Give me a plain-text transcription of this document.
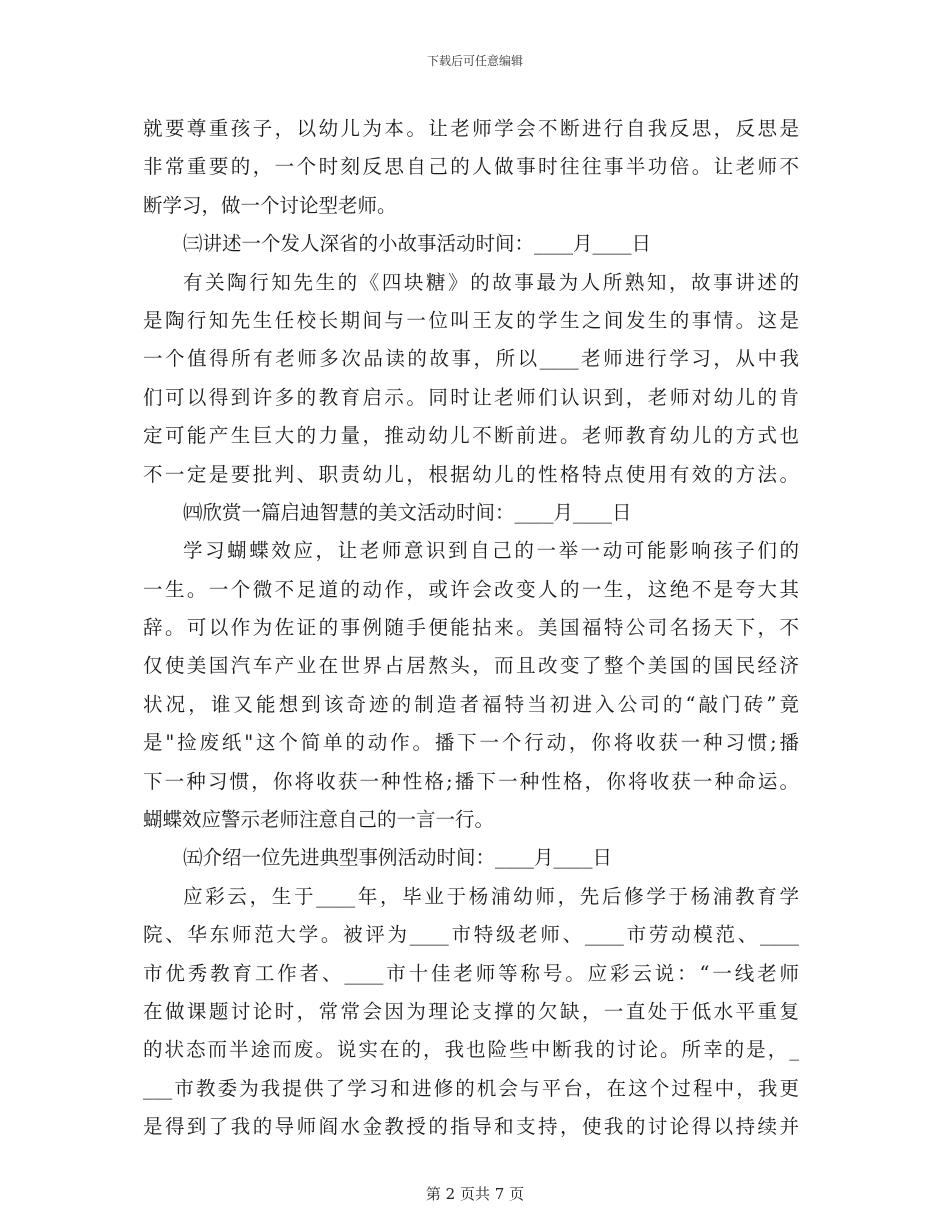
下载后可任意编辑
就要尊重孩子，以幼儿为本。让老师学会不断进行自我反思，反思是
非常重要的，一个时刻反思自己的人做事时往往事半功倍。让老师不
断学习，做一个讨论型老师。
㈢讲述一个发人深省的小故事活动时间：____月____日
有关陶行知先生的《四块糖》的故事最为人所熟知，故事讲述的
是陶行知先生任校长期间与一位叫王友的学生之间发生的事情。这是
一个值得所有老师多次品读的故事，所以____老师进行学习，从中我
们可以得到许多的教育启示。同时让老师们认识到，老师对幼儿的肯
定可能产生巨大的力量，推动幼儿不断前进。老师教育幼儿的方式也
不一定是要批判、职责幼儿，根据幼儿的性格特点使用有效的方法。
㈣欣赏一篇启迪智慧的美文活动时间：____月____日
学习蝴蝶效应，让老师意识到自己的一举一动可能影响孩子们的
一生。一个微不足道的动作，或许会改变人的一生，这绝不是夸大其
辞。可以作为佐证的事例随手便能拈来。美国福特公司名扬天下，不
仅使美国汽车产业在世界占居熬头，而且改变了整个美国的国民经济
状况，谁又能想到该奇迹的制造者福特当初进入公司的“敲门砖”竟
是"捡废纸"这个简单的动作。播下一个行动，你将收获一种习惯;播
下一种习惯，你将收获一种性格;播下一种性格，你将收获一种命运。
蝴蝶效应警示老师注意自己的一言一行。
㈤介绍一位先进典型事例活动时间：____月____日
应彩云，生于____年，毕业于杨浦幼师，先后修学于杨浦教育学
院、华东师范大学。被评为____市特级老师、____市劳动模范、____
市优秀教育工作者、____市十佳老师等称号。应彩云说：“一线老师
在做课题讨论时，常常会因为理论支撑的欠缺，一直处于低水平重复
的状态而半途而废。说实在的，我也险些中断我的讨论。所幸的是，_
___市教委为我提供了学习和进修的机会与平台，在这个过程中，我更
是得到了我的导师阎水金教授的指导和支持，使我的讨论得以持续并
第 2 页共 7 页
